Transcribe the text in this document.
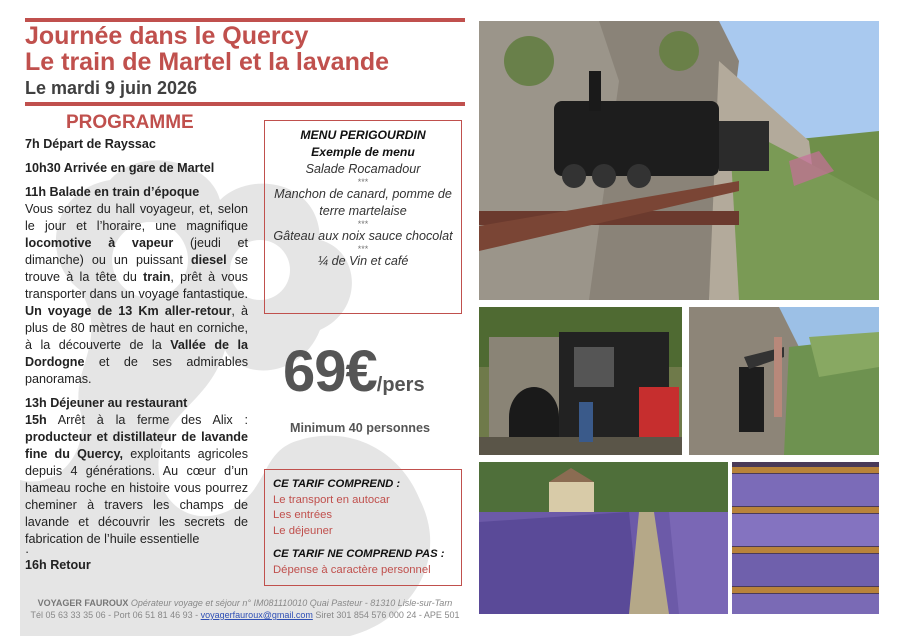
Journée dans le Quercy
Le train de Martel et la lavande

Le mardi 9 juin 2026

PROGRAMME

7h Départ de Rayssac

10h30 Arrivée en gare de Martel

11h Balade en train d’époque

Vous sortez du hall voyageur, et, selon le jour et l’horaire, une magnifique locomotive à vapeur (jeudi et dimanche) ou un puissant diesel se trouve à la tête du train, prêt à vous transporter dans un voyage fantastique. Un voyage de 13 Km aller-retour, à plus de 80 mètres de haut en corniche, à la découverte de la Vallée de la Dordogne et de ses admirables panoramas.

13h Déjeuner au restaurant

15h Arrêt à la ferme des Alix : producteur et distillateur de lavande fine du Quercy, exploitants agricoles depuis 4 générations. Au cœur d’un hameau roche en histoire vous pourrez cheminer à travers les champs de lavande et découvrir les secrets de fabrication de l’huile essentielle

·

16h Retour

MENU PERIGOURDIN
Exemple de menu
Salade Rocamadour
***
Manchon de canard, pomme de terre martelaise
***
Gâteau aux noix sauce chocolat
***
¼ de Vin et café
69€/pers
Minimum 40 personnes
CE TARIF COMPREND :
Le transport en autocar
Les entrées
Le déjeuner
CE TARIF NE COMPREND PAS :
Dépense à caractère personnel
VOYAGER FAUROUX Opérateur voyage et séjour n° IM081110010 Quai Pasteur - 81310 Lisle-sur-Tarn
Tél 05 63 33 35 06 - Port 06 51 81 46 93 - voyagerfauroux@gmail.com Siret 301 854 576 000 24 - APE 501
